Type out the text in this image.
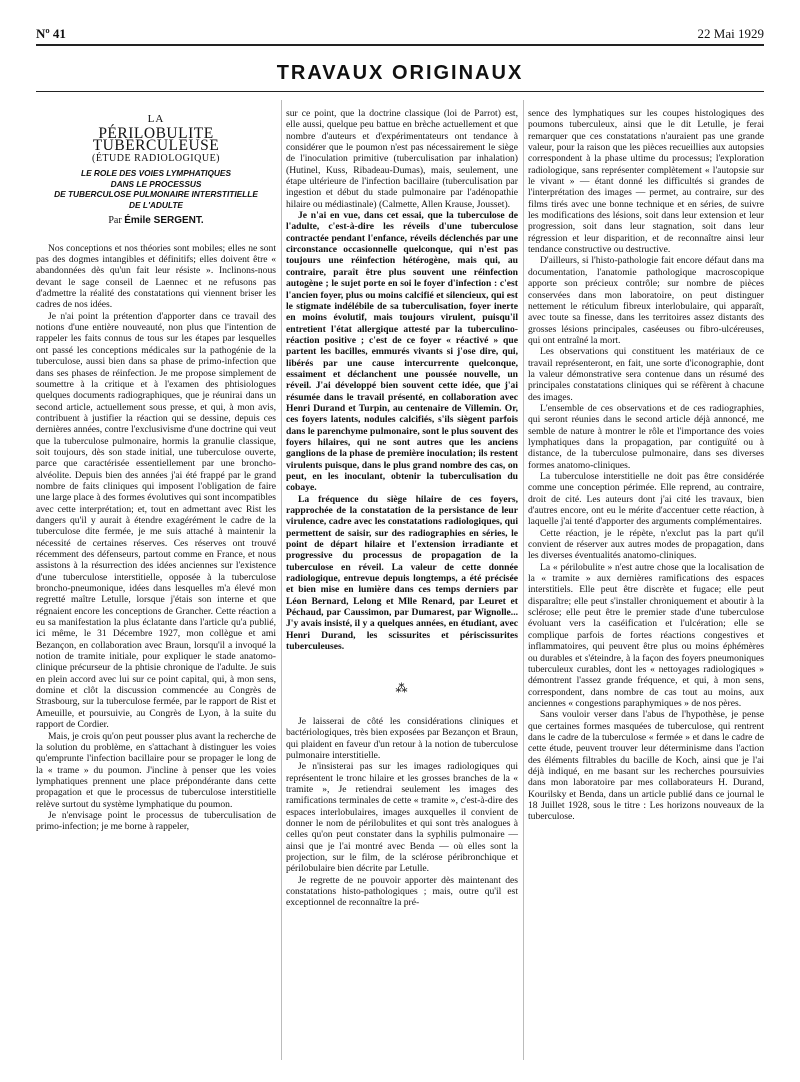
Nº 41	22 Mai 1929
TRAVAUX ORIGINAUX
LA
PÉRILOBULITE TUBERCULEUSE
(ÉTUDE RADIOLOGIQUE)
LE ROLE DES VOIES LYMPHATIQUES
DANS LE PROCESSUS
DE TUBERCULOSE PULMONAIRE INTERSTITIELLE
DE L'ADULTE
Par Émile SERGENT.

Nos conceptions et nos théories sont mobiles; elles ne sont pas des dogmes intangibles et définitifs; elles doivent être « abandonnées dès qu'un fait leur résiste ». Inclinons-nous devant le sage conseil de Laennec et ne refusons pas d'admettre la réalité des constatations qui viennent briser les cadres de nos idées.

Je n'ai point la prétention d'apporter dans ce travail des notions d'une entière nouveauté, non plus que l'intention de rappeler les faits connus de tous sur les étapes par lesquelles ont passé les conceptions médicales sur la pathogénie de la tuberculose, aussi bien dans sa phase de primo-infection que dans ses phases de réinfection. Je me propose simplement de soumettre à la critique et à l'examen des phtisiologues quelques documents radiographiques, que je réunirai dans un second article, actuellement sous presse, et qui, à mon avis, contribuent à justifier la réaction qui se dessine, depuis ces dernières années, contre l'exclusivisme d'une doctrine qui veut que la tuberculose pulmonaire, hormis la granulie classique, soit toujours, dès son stade initial, une tuberculose ouverte, parce que caractérisée essentiellement par une broncho-alvéolite. Depuis bien des années j'ai été frappé par le grand nombre de faits cliniques qui imposent l'obligation de faire une large place à des formes évolutives qui sont incompatibles avec cette interprétation; et, tout en admettant avec Rist les dangers qu'il y aurait à étendre exagérément le cadre de la tuberculose dite fermée, je me suis attaché à maintenir la nécessité de certaines réserves. Ces réserves ont trouvé récemment des défenseurs, partout comme en France, et nous assistons à la résurrection des idées anciennes sur l'existence d'une tuberculose interstitielle, opposée à la tuberculose broncho-pneumonique, idées dans lesquelles m'a élevé mon regretté maître Letulle, lorsque j'étais son interne et que régnaient encore les conceptions de Grancher. Cette réaction a eu sa manifestation la plus éclatante dans l'article qu'a publié, ici même, le 31 Décembre 1927, mon collègue et ami Bezançon, en collaboration avec Braun, lorsqu'il a invoqué la notion de tramite initiale, pour expliquer le stade anatomo-clinique précurseur de la phtisie chronique de l'adulte. Je suis en plein accord avec lui sur ce point capital, qui, à mon sens, domine et clôt la discussion commencée au Congrès de Strasbourg, sur la tuberculose fermée, par le rapport de Rist et Ameuille, et poursuivie, au Congrès de Lyon, à la suite du rapport de Cordier.

Mais, je crois qu'on peut pousser plus avant la recherche de la solution du problème, en s'attachant à distinguer les voies qu'emprunte l'infection bacillaire pour se propager le long de la « trame » du poumon. J'incline à penser que les voies lymphatiques prennent une place prépondérante dans cette propagation et que le processus de tuberculose interstitielle relève surtout du système lymphatique du poumon.

Je n'envisage point le processus de tuberculisation de primo-infection; je me borne à rappeler,

sur ce point, que la doctrine classique (loi de Parrot) est, elle aussi, quelque peu battue en brèche actuellement et que nombre d'auteurs et d'expérimentateurs ont tendance à considérer que le poumon n'est pas nécessairement le siège de l'inoculation primitive (tuberculisation par inhalation) (Hutinel, Kuss, Ribadeau-Dumas), mais, seulement, une étape ultérieure de l'infection bacillaire (tuberculisation par ingestion et début du stade pulmonaire par l'adénopathie hilaire ou médiastinale) (Calmette, Allen Krause, Jousset).

Je n'ai en vue, dans cet essai, que la tuberculose de l'adulte, c'est-à-dire les réveils d'une tuberculose contractée pendant l'enfance, réveils déclenchés par une circonstance occasionnelle quelconque, qui n'est pas toujours une réinfection hétérogène, mais qui, au contraire, paraît être plus souvent une réinfection autogène ; le sujet porte en soi le foyer d'infection : c'est l'ancien foyer, plus ou moins calcifié et silencieux, qui est le stigmate indélébile de sa tuberculisation, foyer inerte en moins évolutif, mais toujours virulent, puisqu'il entretient l'état allergique attesté par la tuberculino-réaction positive ; c'est de ce foyer « réactivé » que partent les bacilles, emmurés vivants si j'ose dire, qui, libérés par une cause intercurrente quelconque, essaiment et déclanchent une poussée nouvelle, un réveil. J'ai développé bien souvent cette idée, que j'ai résumée dans le travail présenté, en collaboration avec Henri Durand et Turpin, au centenaire de Villemin. Or, ces foyers latents, nodules calcifiés, s'ils siègent parfois dans le parenchyme pulmonaire, sont le plus souvent des foyers hilaires, qui ne sont autres que les anciens ganglions de la phase de première inoculation; ils restent virulents puisque, dans le plus grand nombre des cas, on peut, en les inoculant, obtenir la tuberculisation du cobaye.

La fréquence du siège hilaire de ces foyers, rapprochée de la constatation de la persistance de leur virulence, cadre avec les constatations radiologiques, qui permettent de saisir, sur des radiographies en séries, le point de départ hilaire et l'extension irradiante et progressive du processus de propagation de la tuberculose en réveil. La valeur de cette donnée radiologique, entrevue depuis longtemps, a été précisée et bien mise en lumière dans ces temps derniers par Léon Bernard, Lelong et Mlle Renard, par Leuret et Péchaud, par Caussimon, par Dumarest, par Wignolle... J'y avais insisté, il y a quelques années, en étudiant, avec Henri Durand, les scissurites et périscissurites tuberculeuses.

⁂

Je laisserai de côté les considérations cliniques et bactériologiques, très bien exposées par Bezançon et Braun, qui plaident en faveur d'un retour à la notion de tuberculose pulmonaire interstitielle.

Je n'insisterai pas sur les images radiologiques qui représentent le tronc hilaire et les grosses branches de la « tramite », Je retiendrai seulement les images des ramifications terminales de cette « tramite », c'est-à-dire des espaces interlobulaires, images auxquelles il convient de donner le nom de périlobulites et qui sont très analogues à celles qu'on peut constater dans la syphilis pulmonaire — ainsi que je l'ai montré avec Benda — où elles sont la projection, sur le film, de la sclérose péribronchique et périlobulaire bien décrite par Letulle.

Je regrette de ne pouvoir apporter dès maintenant des constatations histo-pathologiques ; mais, outre qu'il est exceptionnel de reconnaître la pré-

sence des lymphatiques sur les coupes histologiques des poumons tuberculeux, ainsi que le dit Letulle, je ferai remarquer que ces constatations n'auraient pas une grande valeur, pour la raison que les pièces recueillies aux autopsies correspondent à la phase ultime du processus; l'exploration radiologique, sans représenter complètement « l'autopsie sur le vivant » — étant donné les difficultés si grandes de l'interprétation des images — permet, au contraire, sur des films tirés avec une bonne technique et en séries, de suivre les modifications des lésions, soit dans leur extension et leur progression, soit dans leur stagnation, soit dans leur régression et leur disparition, et de reconnaître ainsi leur tendance constructive ou destructive.

D'ailleurs, si l'histo-pathologie fait encore défaut dans ma documentation, l'anatomie pathologique macroscopique apporte son précieux contrôle; sur nombre de pièces conservées dans mon laboratoire, on peut distinguer nettement le réticulum fibreux interlobulaire, qui apparaît, avec toute sa finesse, dans les territoires assez distants des grosses lésions principales, caséeuses ou fibro-ulcéreuses, qui ont entraîné la mort.

Les observations qui constituent les matériaux de ce travail représenteront, en fait, une sorte d'iconographie, dont la valeur démonstrative sera contenue dans un résumé des principales constatations cliniques qui se réfèrent à chacune des images.

L'ensemble de ces observations et de ces radiographies, qui seront réunies dans le second article déjà annoncé, me semble de nature à montrer le rôle et l'importance des voies lymphatiques dans la propagation, par contiguïté ou à distance, de la tuberculose pulmonaire, dans ses diverses formes anatomo-cliniques.

La tuberculose interstitielle ne doit pas être considérée comme une conception périmée. Elle reprend, au contraire, droit de cité. Les auteurs dont j'ai cité les travaux, bien d'autres encore, ont eu le mérite d'accentuer cette réaction, à laquelle j'ai tenté d'apporter des arguments complémentaires.

Cette réaction, je le répète, n'exclut pas la part qu'il convient de réserver aux autres modes de propagation, dans les diverses éventualités anatomo-cliniques.

La « périlobulite » n'est autre chose que la localisation de la « tramite » aux dernières ramifications des espaces interstitiels. Elle peut être discrète et fugace; elle peut disparaître; elle peut s'installer chroniquement et aboutir à la sclérose; elle peut être le premier stade d'une tuberculose évoluant vers la caséification et l'ulcération; elle se complique parfois de fortes réactions congestives et inflammatoires, qui peuvent être plus ou moins éphémères ou durables et s'éteindre, à la façon des foyers pneumoniques tuberculeux curables, dont les « nettoyages radiologiques » démontrent l'assez grande fréquence, et qui, à mon sens, correspondent, dans nombre de cas tout au moins, aux anciennes « congestions paraphymiques » de nos pères.

Sans vouloir verser dans l'abus de l'hypothèse, je pense que certaines formes masquées de tuberculose, qui rentrent dans le cadre de la tuberculose « fermée » et dans le cadre de cette étude, peuvent trouver leur déterminisme dans l'action des éléments filtrables du bacille de Koch, ainsi que je l'ai déjà indiqué, en me basant sur les recherches poursuivies dans mon laboratoire par mes collaborateurs H. Durand, Kourilsky et Benda, dans un article publié dans ce journal le 18 Juillet 1928, sous le titre : Les horizons nouveaux de la tuberculose.
